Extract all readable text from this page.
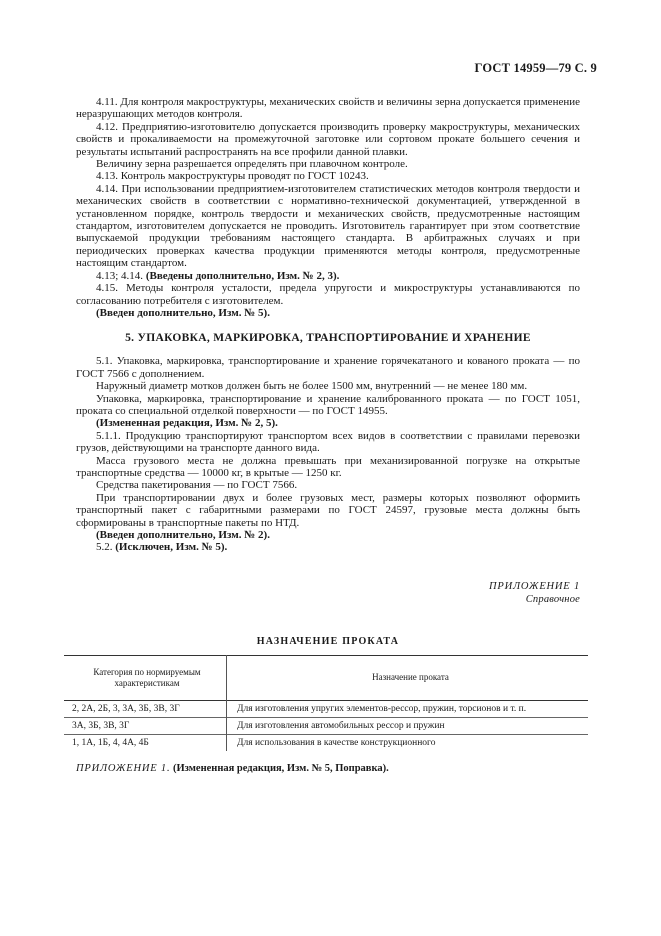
ГОСТ 14959—79 С. 9

4.11. Для контроля макроструктуры, механических свойств и величины зерна допускается применение неразрушающих методов контроля.

4.12. Предприятию-изготовителю допускается производить проверку макроструктуры, механических свойств и прокаливаемости на промежуточной заготовке или сортовом прокате большего сечения и результаты испытаний распространять на все профили данной плавки.

Величину зерна разрешается определять при плавочном контроле.

4.13. Контроль макроструктуры проводят по ГОСТ 10243.

4.14. При использовании предприятием-изготовителем статистических методов контроля твердости и механических свойств в соответствии с нормативно-технической документацией, утвержденной в установленном порядке, контроль твердости и механических свойств, предусмотренные настоящим стандартом, изготовителем допускается не проводить. Изготовитель гарантирует при этом соответствие выпускаемой продукции требованиям настоящего стандарта. В арбитражных случаях и при периодических проверках качества продукции применяются методы контроля, предусмотренные настоящим стандартом.

4.13; 4.14. (Введены дополнительно, Изм. № 2, 3).

4.15. Методы контроля усталости, предела упругости и микроструктуры устанавливаются по согласованию потребителя с изготовителем.

(Введен дополнительно, Изм. № 5).

5. УПАКОВКА, МАРКИРОВКА, ТРАНСПОРТИРОВАНИЕ И ХРАНЕНИЕ

5.1. Упаковка, маркировка, транспортирование и хранение горячекатаного и кованого проката — по ГОСТ 7566 с дополнением.

Наружный диаметр мотков должен быть не более 1500 мм, внутренний — не менее 180 мм.

Упаковка, маркировка, транспортирование и хранение калиброванного проката — по ГОСТ 1051, проката со специальной отделкой поверхности — по ГОСТ 14955.

(Измененная редакция, Изм. № 2, 5).

5.1.1. Продукцию транспортируют транспортом всех видов в соответствии с правилами перевозки грузов, действующими на транспорте данного вида.

Масса грузового места не должна превышать при механизированной погрузке на открытые транспортные средства — 10000 кг, в крытые — 1250 кг.

Средства пакетирования — по ГОСТ 7566.

При транспортировании двух и более грузовых мест, размеры которых позволяют оформить транспортный пакет с габаритными размерами по ГОСТ 24597, грузовые места должны быть сформированы в транспортные пакеты по НТД.

(Введен дополнительно, Изм. № 2).

5.2. (Исключен, Изм. № 5).

ПРИЛОЖЕНИЕ 1
Справочное
НАЗНАЧЕНИЕ ПРОКАТА
Категория по нормируемым характеристикам	Назначение проката
2, 2А, 2Б, 3, 3А, 3Б, 3В, 3Г	Для изготовления упругих элементов-рессор, пружин, торсионов и т. п.
3А, 3Б, 3В, 3Г	Для изготовления автомобильных рессор и пружин
1, 1А, 1Б, 4, 4А, 4Б	Для использования в качестве конструкционного
ПРИЛОЖЕНИЕ 1. (Измененная редакция, Изм. № 5, Поправка).
